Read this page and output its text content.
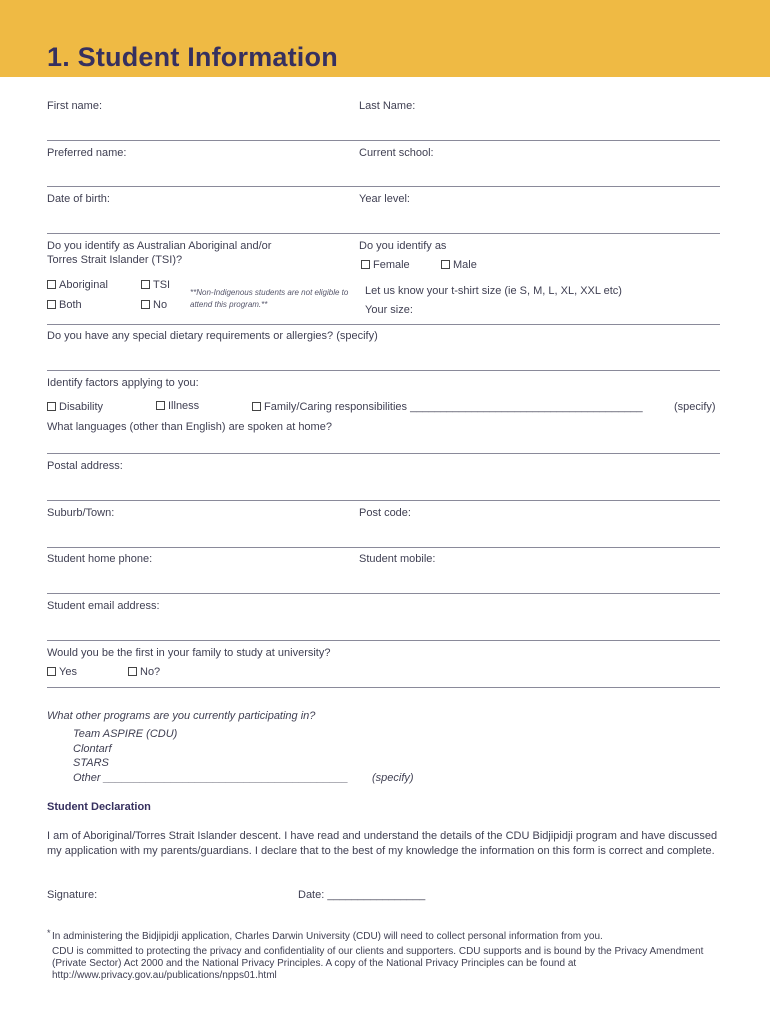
1. Student Information
First name:	Last Name:
Preferred name:	Current school:
Date of birth:	Year level:
Do you identify as Australian Aboriginal and/or
Torres Strait Islander (TSI)?
Do you identify as
Female	Male
Aboriginal	TSI
Both	No
**Non-Indigenous students are not eligible to attend this program.**
Let us know your t-shirt size (ie S, M, L, XL, XXL etc)
Your size:
Do you have any special dietary requirements or allergies? (specify)
Identify factors applying to you:
Disability	Illness	Family/Caring responsibilities ______________________________________	(specify)
What languages (other than English) are spoken at home?
Postal address:
Suburb/Town:	Post code:
Student home phone:	Student mobile:
Student email address:
Would you be the first in your family to study at university?
Yes	No?
What other programs are you currently participating in?
Team ASPIRE (CDU)
Clontarf
STARS
Other ________________________________________ (specify)
Student Declaration
I am of Aboriginal/Torres Strait Islander descent. I have read and understand the details of the CDU Bidjipidji program and have discussed my application with my parents/guardians. I declare that to the best of my knowledge the information on this form is correct and complete.
Signature:	Date: ________________
* In administering the Bidjipidji application, Charles Darwin University (CDU) will need to collect personal information from you.
CDU is committed to protecting the privacy and confidentiality of our clients and supporters. CDU supports and is bound by the Privacy Amendment (Private Sector) Act 2000 and the National Privacy Principles. A copy of the National Privacy Principles can be found at http://www.privacy.gov.au/publications/npps01.html
